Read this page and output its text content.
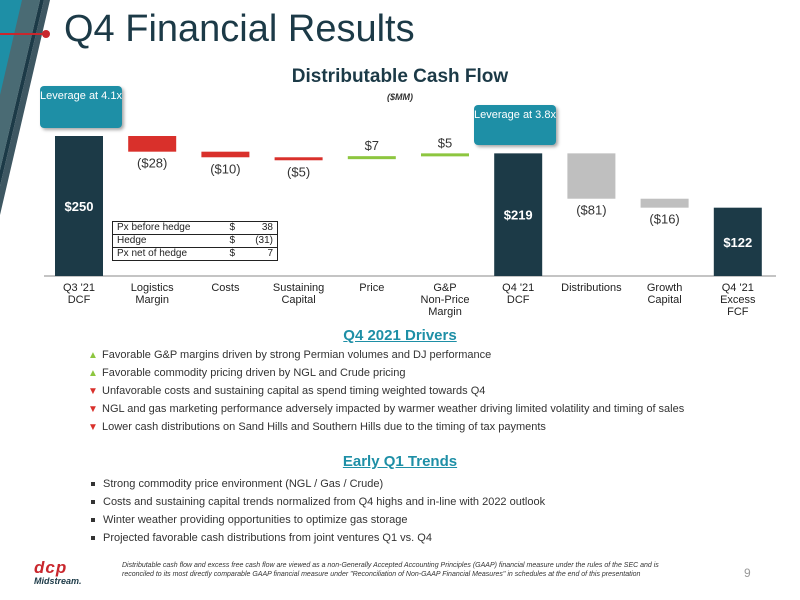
Q4 Financial Results
Distributable Cash Flow
($MM)
$250
Q3 '21 DCF
($28)
Logistics Margin
($10)
Costs
($5)
Sustaining Capital
$7
Price
$5
G&P Non-Price Margin
$219
Q4 '21 DCF
($81)
Distributions
($16)
Growth Capital
$122
Q4 '21 Excess FCF
Leverage at 4.1x
Leverage at 3.8x
Px before hedge	$	38
Hedge	$	(31)
Px net of hedge	$	7
Q4 2021 Drivers
▲ Favorable G&P margins driven by strong Permian volumes and DJ performance
▲ Favorable commodity pricing driven by NGL and Crude pricing
▼ Unfavorable costs and sustaining capital as spend timing weighted towards Q4
▼ NGL and gas marketing performance adversely impacted by warmer weather driving limited volatility and timing of sales
▼ Lower cash distributions on Sand Hills and Southern Hills due to the timing of tax payments
Early Q1 Trends
Strong commodity price environment (NGL / Gas / Crude)
Costs and sustaining capital trends normalized from Q4 highs and in-line with 2022 outlook
Winter weather providing opportunities to optimize gas storage
Projected favorable cash distributions from joint ventures Q1 vs. Q4
dcp
Midstream.
Distributable cash flow and excess free cash flow are viewed as a non-Generally Accepted Accounting Principles (GAAP) financial measure under the rules of the SEC and is reconciled to its most directly comparable GAAP financial measure under "Reconciliation of Non-GAAP Financial Measures" in schedules at the end of this presentation	9
